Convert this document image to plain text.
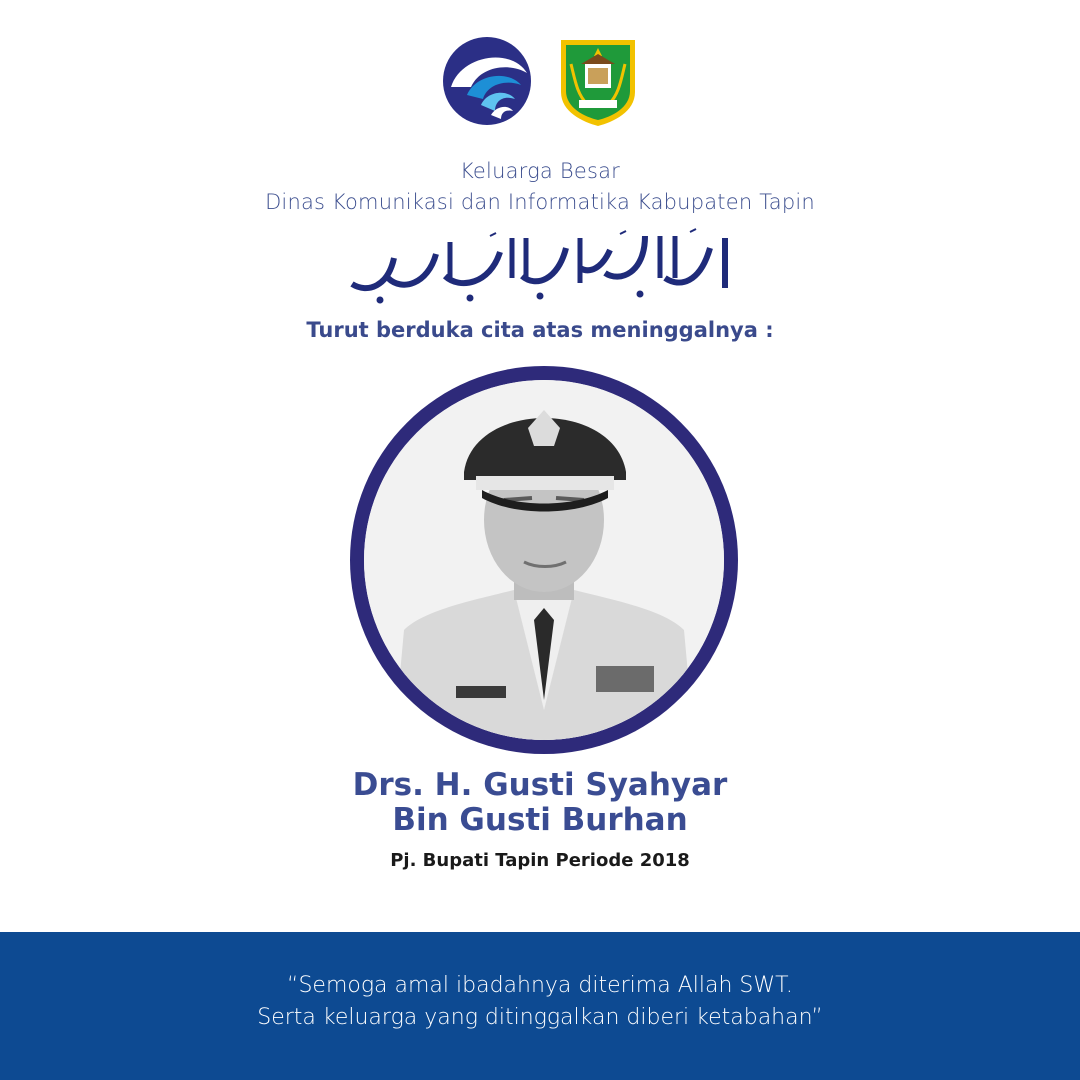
Keluarga Besar
Dinas Komunikasi dan Informatika Kabupaten Tapin
Turut berduka cita atas meninggalnya :
Drs. H. Gusti Syahyar
Bin Gusti Burhan
Pj. Bupati Tapin Periode 2018
“Semoga amal ibadahnya diterima Allah SWT.
Serta keluarga yang ditinggalkan diberi ketabahan”
